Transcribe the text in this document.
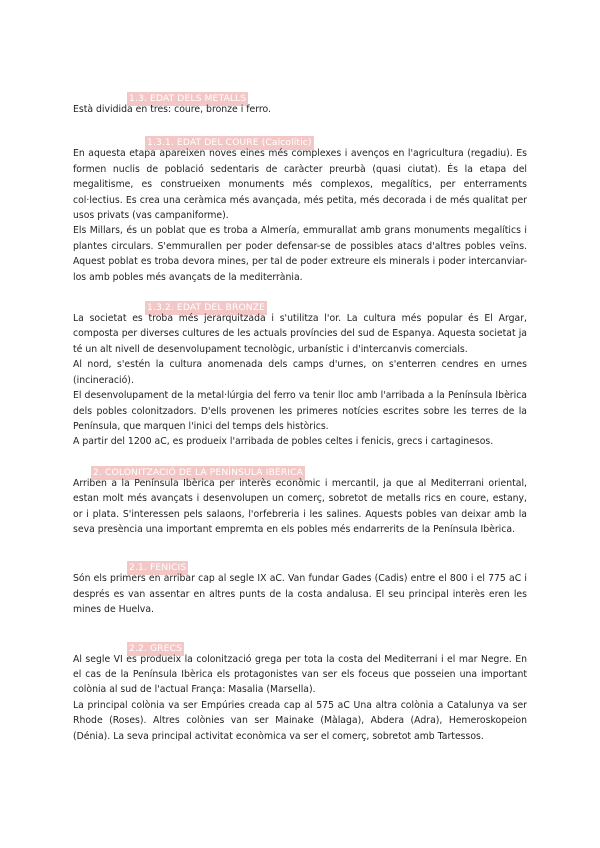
1.3. EDAT DELS METALLS

Està dividida en tres: coure, bronze i ferro.

1.3.1. EDAT DEL COURE (Calcolític)

En aquesta etapa apareixen noves eines més complexes i avenços en l'agricultura (regadiu). Es formen nuclis de població sedentaris de caràcter preurbà (quasi ciutat). És la etapa del megalitisme, es construeixen monuments més complexos, megalítics, per enterraments col·lectius. Es crea una ceràmica més avançada, més petita, més decorada i de més qualitat per usos privats (vas campaniforme).

Els Millars, és un poblat que es troba a Almería, emmurallat amb grans monuments megalítics i plantes circulars. S'emmurallen per poder defensar-se de possibles atacs d'altres pobles veïns. Aquest poblat es troba devora mines, per tal de poder extreure els minerals i poder intercanviar-los amb pobles més avançats de la mediterrània.

1.3.2. EDAT DEL BRONZE

La societat es troba més jerarquitzada i s'utilitza l'or. La cultura més popular és El Argar, composta per diverses cultures de les actuals províncies del sud de Espanya. Aquesta societat ja té un alt nivell de desenvolupament tecnològic, urbanístic i d'intercanvis comercials.

Al nord, s'estén la cultura anomenada dels camps d'urnes, on s'enterren cendres en urnes (incineració).

El desenvolupament de la metal·lúrgia del ferro va tenir lloc amb l'arribada a la Península Ibèrica dels pobles colonitzadors. D'ells provenen les primeres notícies escrites sobre les terres de la Península, que marquen l'inici del temps dels històrics.

A partir del 1200 aC, es produeix l'arribada de pobles celtes i fenicis, grecs i cartaginesos.

2. COLONITZACIÓ DE LA PENÍNSULA IBÈRICA

Arriben a la Península Ibèrica per interès econòmic i mercantil, ja que al Mediterrani oriental, estan molt més avançats i desenvolupen un comerç, sobretot de metalls rics en coure, estany, or i plata. S'interessen pels salaons, l'orfebreria i les salines. Aquests pobles van deixar amb la seva presència una important empremta en els pobles més endarrerits de la Península Ibèrica.

2.1. FENICIS

Són els primers en arribar cap al segle IX aC. Van fundar Gades (Cadis) entre el 800 i el 775 aC i després es van assentar en altres punts de la costa andalusa. El seu principal interès eren les mines de Huelva.

2.2. GRECS

Al segle VI es produeix la colonització grega per tota la costa del Mediterrani i el mar Negre. En el cas de la Península Ibèrica els protagonistes van ser els foceus que posseien una important colònia al sud de l'actual França: Masalia (Marsella).

La principal colònia va ser Empúries creada cap al 575 aC Una altra colònia a Catalunya va ser Rhode (Roses). Altres colònies van ser Mainake (Màlaga), Abdera (Adra), Hemeroskopeion (Dénia). La seva principal activitat econòmica va ser el comerç, sobretot amb Tartessos.
